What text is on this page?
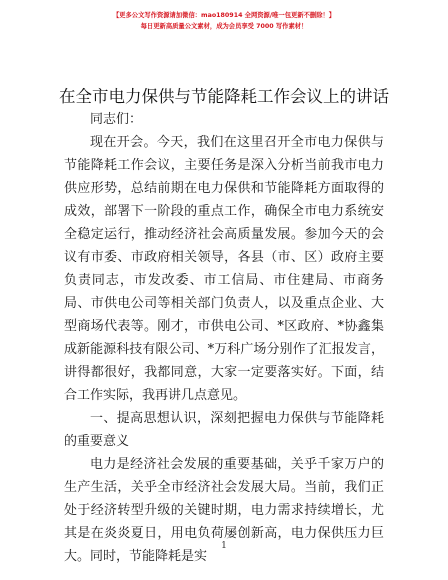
【更多公文写作资源请加微信：mao180914 全网资源/唯一包更新不删除！】
每日更新高质量公文素材，成为会员享受 7000 写作素材！
在全市电力保供与节能降耗工作会议上的讲话

同志们：

现在开会。今天，我们在这里召开全市电力保供与节能降耗工作会议，主要任务是深入分析当前我市电力供应形势，总结前期在电力保供和节能降耗方面取得的成效，部署下一阶段的重点工作，确保全市电力系统安全稳定运行，推动经济社会高质量发展。参加今天的会议有市委、市政府相关领导，各县（市、区）政府主要负责同志，市发改委、市工信局、市住建局、市商务局、市供电公司等相关部门负责人，以及重点企业、大型商场代表等。刚才，市供电公司、*区政府、*协鑫集成新能源科技有限公司、*万科广场分别作了汇报发言，讲得都很好，我都同意，大家一定要落实好。下面，结合工作实际，我再讲几点意见。

一、提高思想认识，深刻把握电力保供与节能降耗的重要意义

电力是经济社会发展的重要基础，关乎千家万户的生产生活，关乎全市经济社会发展大局。当前，我们正处于经济转型升级的关键时期，电力需求持续增长，尤其是在炎炎夏日，用电负荷屡创新高，电力保供压力巨大。同时，节能降耗是实

1
